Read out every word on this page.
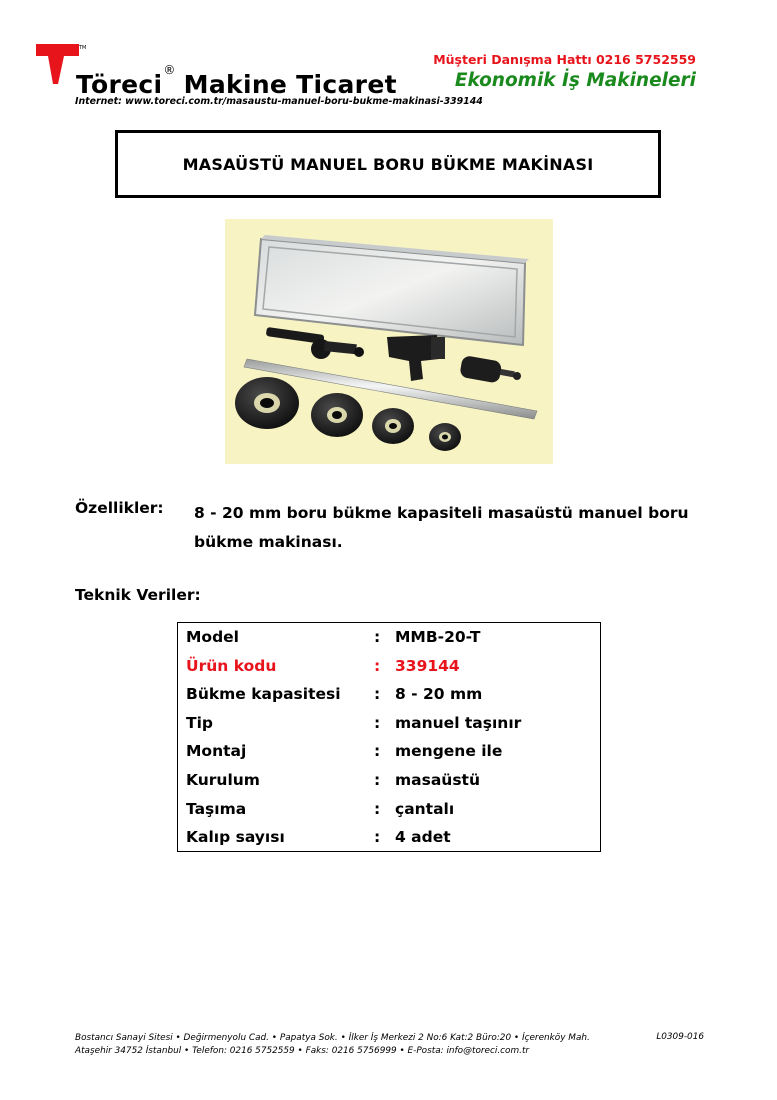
TM
Töreci®Makine Ticaret
Internet: www.toreci.com.tr/masaustu-manuel-boru-bukme-makinasi-339144
Müşteri Danışma Hattı 0216 5752559
Ekonomik İş Makineleri
MASAÜSTÜ MANUEL BORU BÜKME MAKİNASI
Özellikler: 8 - 20 mm boru bükme kapasiteli masaüstü manuel boru bükme makinası.
Teknik Veriler:
Model	: MMB-20-T
Ürün kodu	: 339144
Bükme kapasitesi : 8 - 20 mm
Tip	: manuel taşınır
Montaj	: mengene ile
Kurulum	: masaüstü
Taşıma	: çantalı
Kalıp sayısı	: 4 adet
Bostancı Sanayi Sitesi • Değirmenyolu Cad. • Papatya Sok. • İlker İş Merkezi 2 No:6 Kat:2 Büro:20 • İçerenköy Mah.
Ataşehir 34752 İstanbul • Telefon: 0216 5752559 • Faks: 0216 5756999 • E-Posta: info@toreci.com.tr
L0309-016
